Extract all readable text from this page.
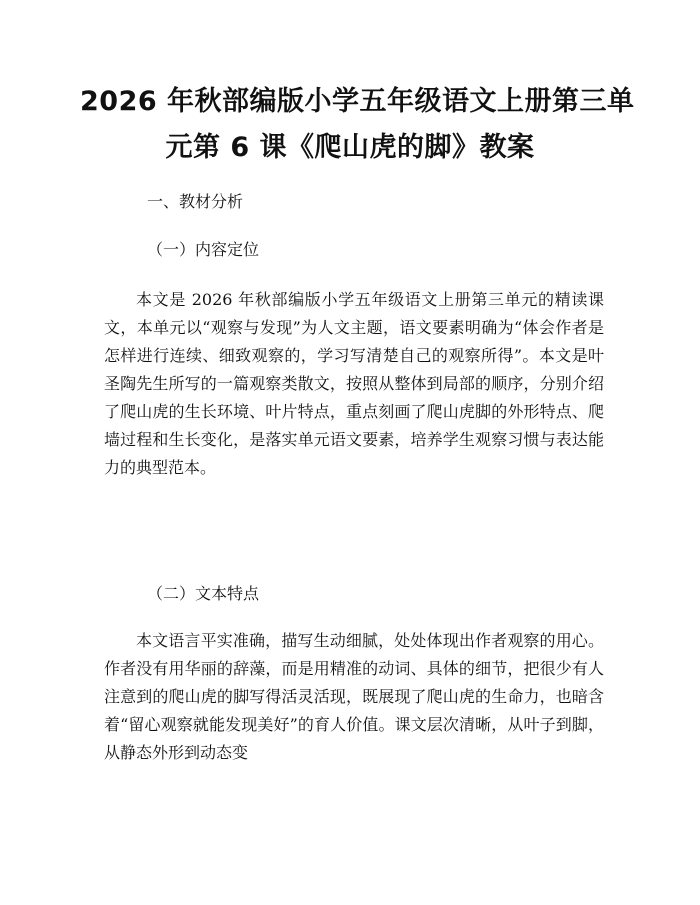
2026 年秋部编版小学五年级语文上册第三单
元第 6 课《爬山虎的脚》教案
一、教材分析
（一）内容定位

本文是 2026 年秋部编版小学五年级语文上册第三单元的精读课文，本单元以“观察与发现”为人文主题，语文要素明确为“体会作者是怎样进行连续、细致观察的，学习写清楚自己的观察所得”。本文是叶圣陶先生所写的一篇观察类散文，按照从整体到局部的顺序，分别介绍了爬山虎的生长环境、叶片特点，重点刻画了爬山虎脚的外形特点、爬墙过程和生长变化，是落实单元语文要素，培养学生观察习惯与表达能力的典型范本。

（二）文本特点

本文语言平实准确，描写生动细腻，处处体现出作者观察的用心。作者没有用华丽的辞藻，而是用精准的动词、具体的细节，把很少有人注意到的爬山虎的脚写得活灵活现，既展现了爬山虎的生命力，也暗含着“留心观察就能发现美好”的育人价值。课文层次清晰，从叶子到脚，从静态外形到动态变
